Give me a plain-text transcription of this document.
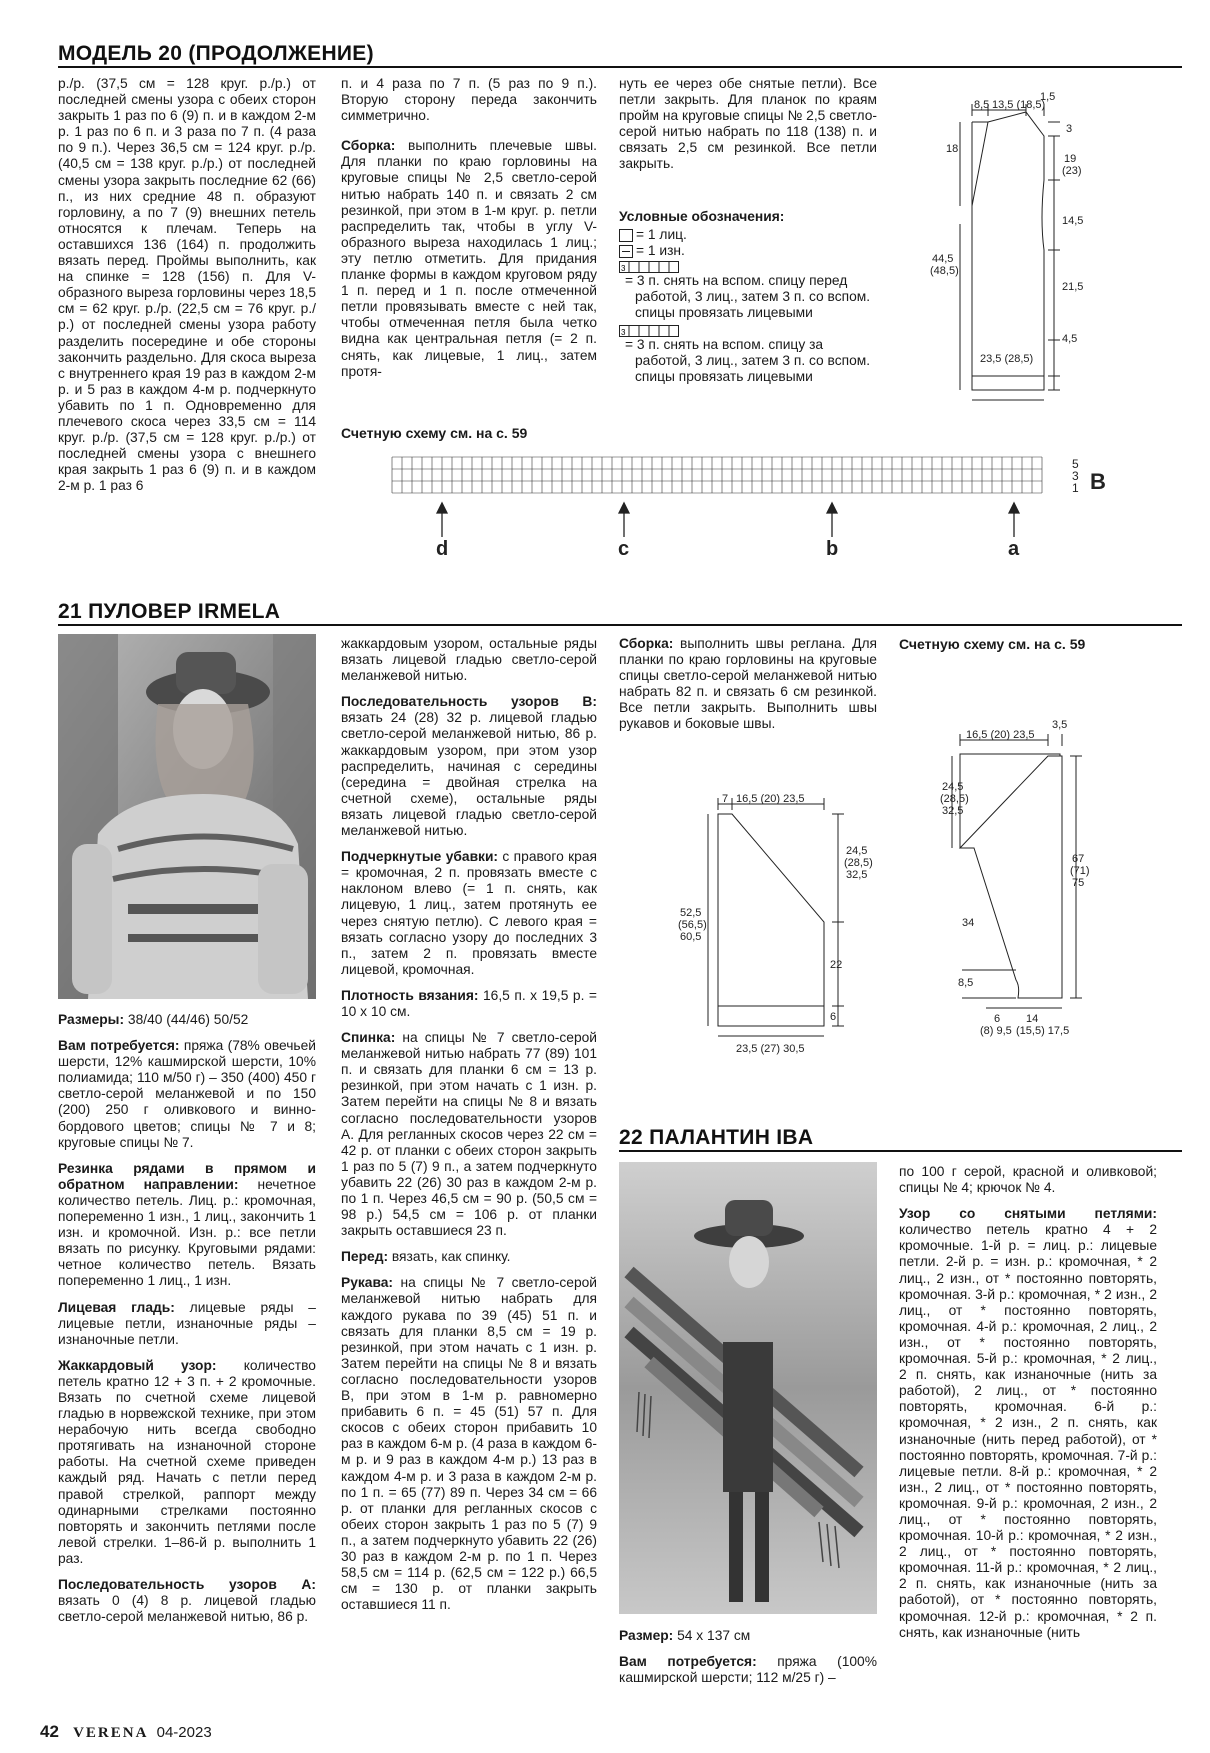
МОДЕЛЬ 20 (ПРОДОЛЖЕНИЕ)

р./р. (37,5 см = 128 круг. р./р.) от последней смены узора с обеих сторон закрыть 1 раз по 6 (9) п. и в каждом 2-м р. 1 раз по 6 п. и 3 раза по 7 п. (4 раза по 9 п.). Через 36,5 см = 124 круг. р./р. (40,5 см = 138 круг. р./р.) от последней смены узора закрыть последние 62 (66) п., из них средние 48 п. образуют горловину, а по 7 (9) внешних петель относятся к плечам. Теперь на оставшихся 136 (164) п. продолжить вязать перед. Проймы выполнить, как на спинке = 128 (156) п. Для V-образного выреза горловины через 18,5 см = 62 круг. р./р. (22,5 см = 76 круг. р./р.) от последней смены узора работу разделить посередине и обе стороны закончить раздельно. Для скоса выреза с внутреннего края 19 раз в каждом 2-м р. и 5 раз в каждом 4-м р. подчеркнуто убавить по 1 п. Одновременно для плечевого скоса через 33,5 см = 114 круг. р./р. (37,5 см = 128 круг. р./р.) от последней смены узора с внешнего края закрыть 1 раз 6 (9) п. и в каждом 2-м р. 1 раз 6

п. и 4 раза по 7 п. (5 раз по 9 п.). Вторую сторону переда закончить симметрично.

Сборка: выполнить плечевые швы. Для планки по краю горловины на круговые спицы № 2,5 светло-серой нитью набрать 140 п. и связать 2 см резинкой, при этом в 1-м круг. р. петли распределить так, чтобы в углу V-образного выреза находилась 1 лиц.; эту петлю отметить. Для придания планке формы в каждом круговом ряду 1 п. перед и 1 п. после отмеченной петли провязывать вместе с ней так, чтобы отмеченная петля была четко видна как центральная петля (= 2 п. снять, как лицевые, 1 лиц., затем протя-

нуть ее через обе снятые петли). Все петли закрыть. Для планок по краям пройм на круговые спицы № 2,5 светло-серой нитью набрать по 118 (138) п. и связать 2,5 см резинкой. Все петли закрыть.

Условные обозначения:
= 1 лиц.
= 1 изн.
3
= 3 п. снять на вспом. спицу перед работой, 3 лиц., затем 3 п. со вспом. спицы провязать лицевыми
3
= 3 п. снять на вспом. спицу за работой, 3 лиц., затем 3 п. со вспом. спицы провязать лицевыми
8,5 13,5 (18,5)
1,5
18
3
19
(23)
14,5
44,5
(48,5)
21,5
4,5
23,5 (28,5)
Счетную схему см. на с. 59
5
3
1 B
d	c	b	a
21 ПУЛОВЕР IRMELA

Размеры: 38/40 (44/46) 50/52

Вам потребуется: пряжа (78% овечьей шерсти, 12% кашмирской шерсти, 10% полиамида; 110 м/50 г) – 350 (400) 450 г светло-серой меланжевой и по 150 (200) 250 г оливкового и винно-бордового цветов; спицы № 7 и 8; круговые спицы № 7.

Резинка рядами в прямом и обратном направлении: нечетное количество петель. Лиц. р.: кромочная, попеременно 1 изн., 1 лиц., закончить 1 изн. и кромочной. Изн. р.: все петли вязать по рисунку. Круговыми рядами: четное количество петель. Вязать попеременно 1 лиц., 1 изн.

Лицевая гладь: лицевые ряды – лицевые петли, изнаночные ряды – изнаночные петли.

Жаккардовый узор: количество петель кратно 12 + 3 п. + 2 кромочные. Вязать по счетной схеме лицевой гладью в норвежской технике, при этом нерабочую нить всегда свободно протягивать на изнаночной стороне работы. На счетной схеме приведен каждый ряд. Начать с петли перед правой стрелкой, раппорт между одинарными стрелками постоянно повторять и закончить петлями после левой стрелки. 1–86-й р. выполнить 1 раз.

Последовательность узоров А: вязать 0 (4) 8 р. лицевой гладью светло-серой меланжевой нитью, 86 р.

жаккардовым узором, остальные ряды вязать лицевой гладью светло-серой меланжевой нитью.

Последовательность узоров В: вязать 24 (28) 32 р. лицевой гладью светло-серой меланжевой нитью, 86 р. жаккардовым узором, при этом узор распределить, начиная с середины (середина = двойная стрелка на счетной схеме), остальные ряды вязать лицевой гладью светло-серой меланжевой нитью.

Подчеркнутые убавки: с правого края = кромочная, 2 п. провязать вместе с наклоном влево (= 1 п. снять, как лицевую, 1 лиц., затем протянуть ее через снятую петлю). С левого края = вязать согласно узору до последних 3 п., затем 2 п. провязать вместе лицевой, кромочная.

Плотность вязания: 16,5 п. х 19,5 р. = 10 х 10 см.

Спинка: на спицы № 7 светло-серой меланжевой нитью набрать 77 (89) 101 п. и связать для планки 6 см = 13 р. резинкой, при этом начать с 1 изн. р. Затем перейти на спицы № 8 и вязать согласно последовательности узоров А. Для регланных скосов через 22 см = 42 р. от планки с обеих сторон закрыть 1 раз по 5 (7) 9 п., а затем подчеркнуто убавить 22 (26) 30 раз в каждом 2-м р. по 1 п. Через 46,5 см = 90 р. (50,5 см = 98 р.) 54,5 см = 106 р. от планки закрыть оставшиеся 23 п.

Перед: вязать, как спинку.

Рукава: на спицы № 7 светло-серой меланжевой нитью набрать для каждого рукава по 39 (45) 51 п. и связать для планки 8,5 см = 19 р. резинкой, при этом начать с 1 изн. р. Затем перейти на спицы № 8 и вязать согласно последовательности узоров В, при этом в 1-м р. равномерно прибавить 6 п. = 45 (51) 57 п. Для скосов с обеих сторон прибавить 10 раз в каждом 6-м р. (4 раза в каждом 6-м р. и 9 раз в каждом 4-м р.) 13 раз в каждом 4-м р. и 3 раза в каждом 2-м р. по 1 п. = 65 (77) 89 п. Через 34 см = 66 р. от планки для регланных скосов с обеих сторон закрыть 1 раз по 5 (7) 9 п., а затем подчеркнуто убавить 22 (26) 30 раз в каждом 2-м р. по 1 п. Через 58,5 см = 114 р. (62,5 см = 122 р.) 66,5 см = 130 р. от планки закрыть оставшиеся 11 п.

Сборка: выполнить швы реглана. Для планки по краю горловины на круговые спицы светло-серой меланжевой нитью набрать 82 п. и связать 6 см резинкой. Все петли закрыть. Выполнить швы рукавов и боковые швы.

Счетную схему см. на с. 59
7 16,5 (20) 23,5
24,5
(28,5)
32,5
52,5
(56,5)
60,5
22
6
23,5 (27) 30,5
16,5 (20) 23,5
3,5
24,5
(28,5)
32,5
67
(71)
75
34
8,5
6
(8) 9,5
14
(15,5) 17,5
22 ПАЛАНТИН IBA

Размер: 54 х 137 см

Вам потребуется: пряжа (100% кашмирской шерсти; 112 м/25 г) –

по 100 г серой, красной и оливковой; спицы № 4; крючок № 4.

Узор со снятыми петлями: количество петель кратно 4 + 2 кромочные. 1-й р. = лиц. р.: лицевые петли. 2-й р. = изн. р.: кромочная, * 2 лиц., 2 изн., от * постоянно повторять, кромочная. 3-й р.: кромочная, * 2 изн., 2 лиц., от * постоянно повторять, кромочная. 4-й р.: кромочная, 2 лиц., 2 изн., от * постоянно повторять, кромочная. 5-й р.: кромочная, * 2 лиц., 2 п. снять, как изнаночные (нить за работой), 2 лиц., от * постоянно повторять, кромочная. 6-й р.: кромочная, * 2 изн., 2 п. снять, как изнаночные (нить перед работой), от * постоянно повторять, кромочная. 7-й р.: лицевые петли. 8-й р.: кромочная, * 2 изн., 2 лиц., от * постоянно повторять, кромочная. 9-й р.: кромочная, 2 изн., 2 лиц., от * постоянно повторять, кромочная. 10-й р.: кромочная, * 2 изн., 2 лиц., от * постоянно повторять, кромочная. 11-й р.: кромочная, * 2 лиц., 2 п. снять, как изнаночные (нить за работой), от * постоянно повторять, кромочная. 12-й р.: кромочная, * 2 п. снять, как изнаночные (нить

42 VERENA 04-2023
